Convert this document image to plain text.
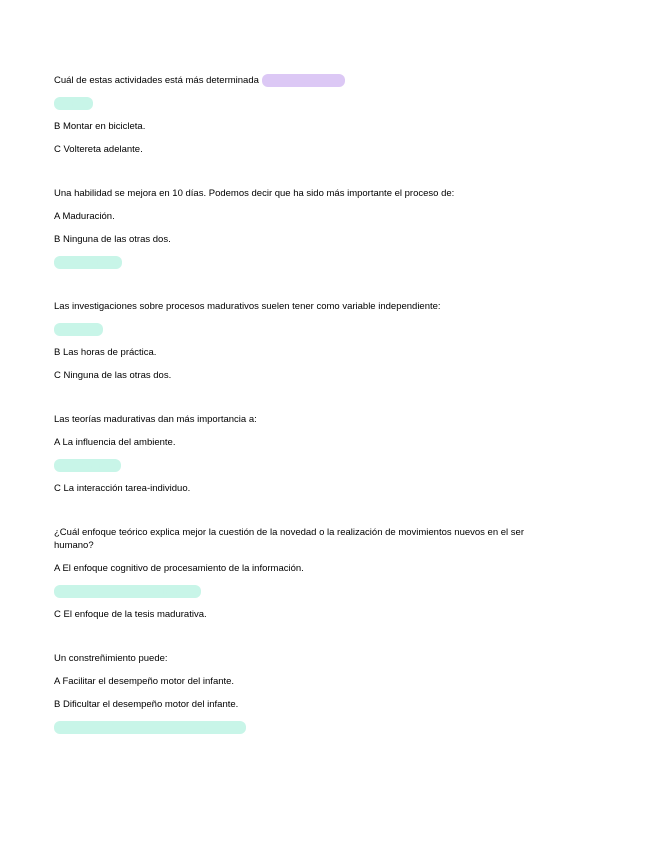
Cuál de estas actividades está más determinada filogenéticamente:

A Andar

B Montar en bicicleta.

C Voltereta adelante.

Una habilidad se mejora en 10 días. Podemos decir que ha sido más importante el proceso de:

A Maduración.

B Ninguna de las otras dos.

C Aprendizaje.

Las investigaciones sobre procesos madurativos suelen tener como variable independiente:

A La edad

B Las horas de práctica.

C Ninguna de las otras dos.

Las teorías madurativas dan más importancia a:

A La influencia del ambiente.

B La herencia.

C La interacción tarea-individuo.

¿Cuál enfoque teórico explica mejor la cuestión de la novedad o la realización de movimientos nuevos en el ser humano?

A El enfoque cognitivo de procesamiento de la información.

B El enfoque ecológico-dinámico.

C El enfoque de la tesis madurativa.

Un constreñimiento puede:

A Facilitar el desempeño motor del infante.

B Dificultar el desempeño motor del infante.

C Las otras dos respuestas son verdaderas.
